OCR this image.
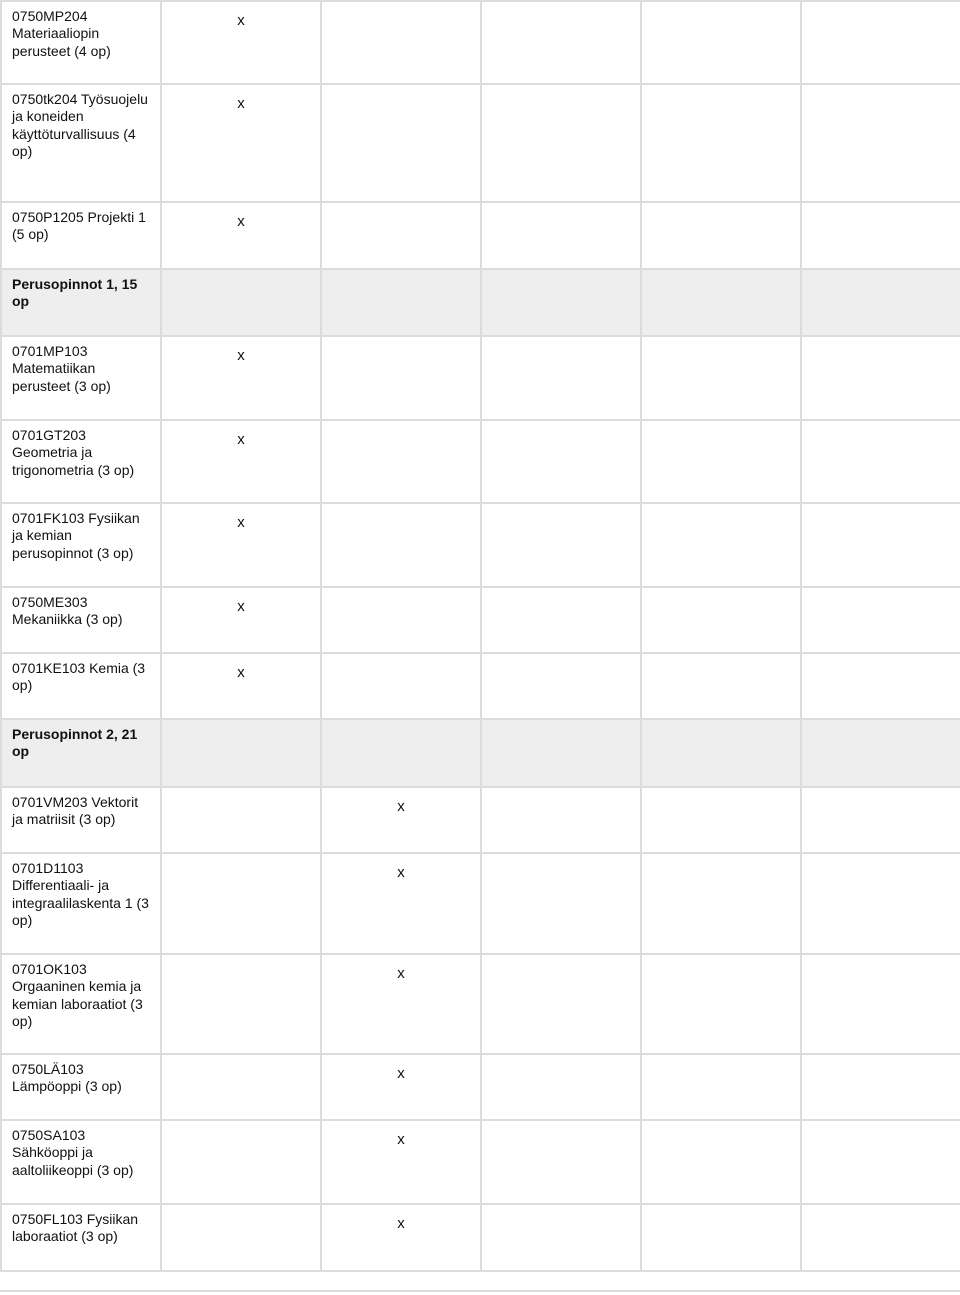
0750MP204 Materiaaliopin perusteet (4 op)	x				
0750tk204 Työsuojelu ja koneiden käyttöturvallisuus (4 op)	x				
0750P1205 Projekti 1 (5 op)	x				
Perusopinnot 1, 15 op					
0701MP103 Matematiikan perusteet (3 op)	x				
0701GT203 Geometria ja trigonometria (3 op)	x				
0701FK103 Fysiikan ja kemian perusopinnot (3 op)	x				
0750ME303 Mekaniikka (3 op)	x				
0701KE103 Kemia (3 op)	x				
Perusopinnot 2, 21 op					
0701VM203 Vektorit ja matriisit (3 op)		x			
0701D1103 Differentiaali- ja integraalilaskenta 1 (3 op)		x			
0701OK103 Orgaaninen kemia ja kemian laboraatiot (3 op)		x			
0750LÄ103 Lämpöoppi (3 op)		x			
0750SA103 Sähköoppi ja aaltoliikeoppi (3 op)		x			
0750FL103 Fysiikan laboraatiot (3 op)		x			
